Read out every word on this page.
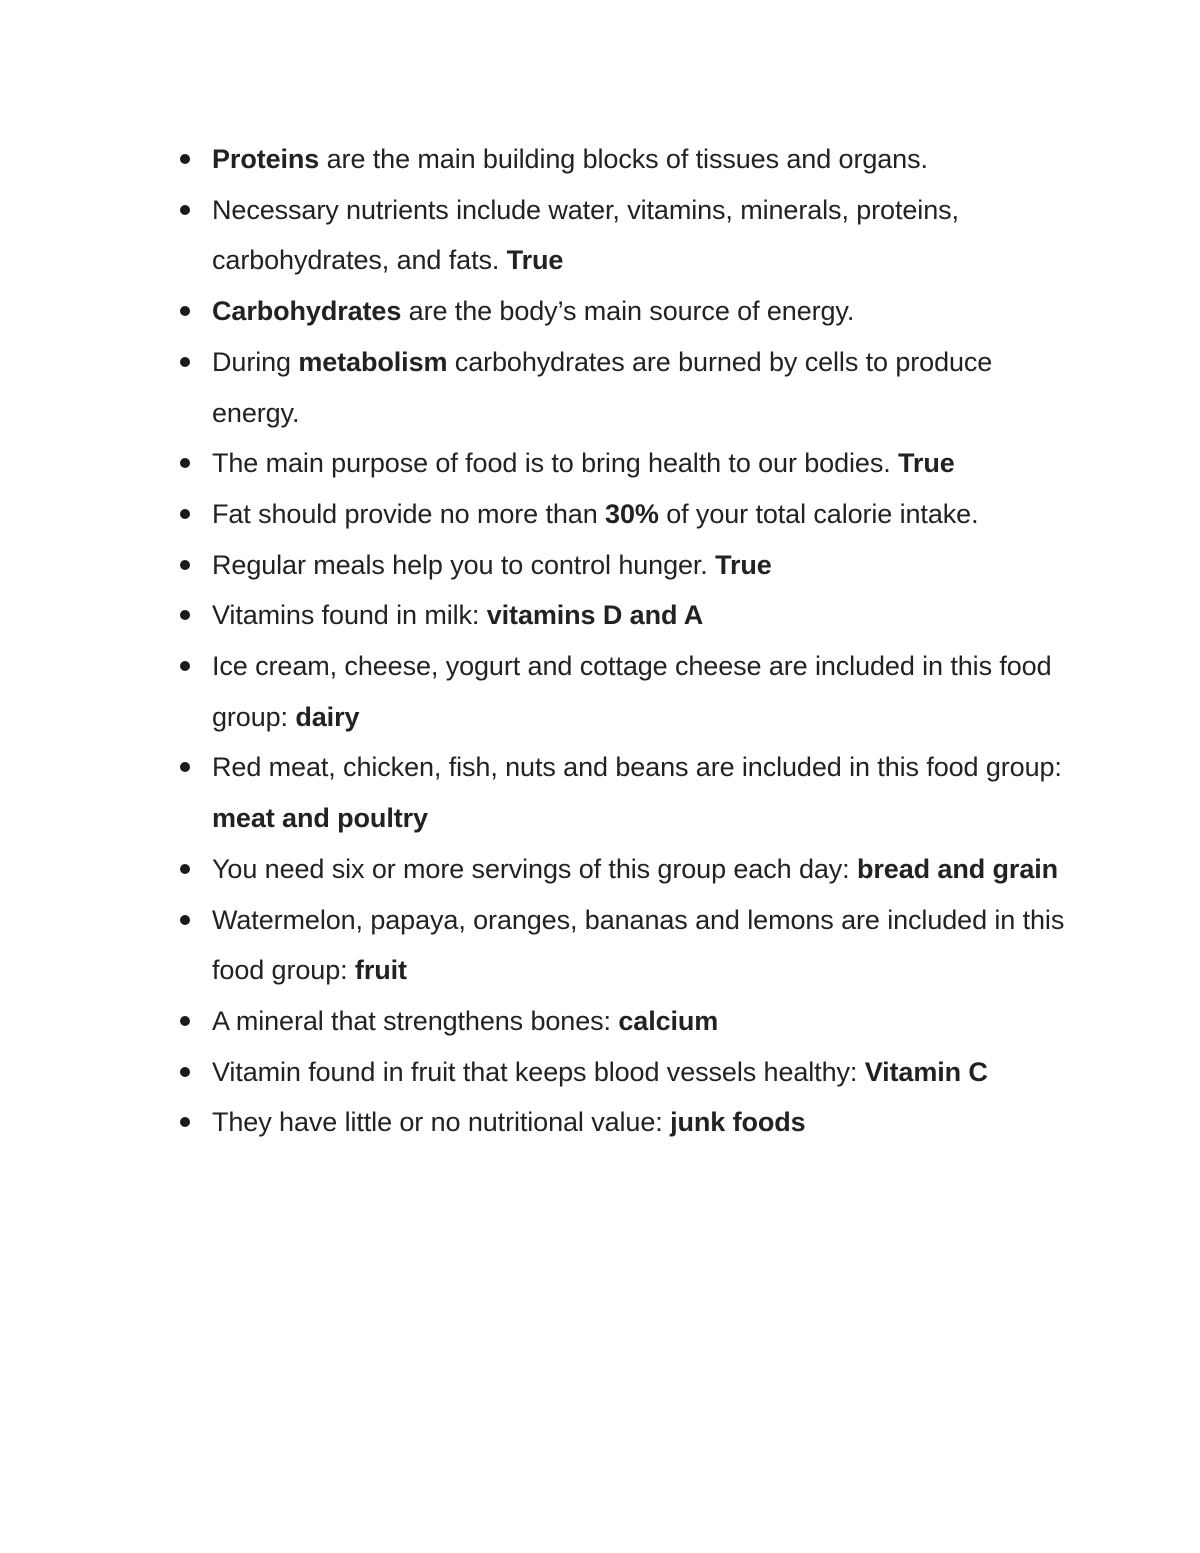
Proteins are the main building blocks of tissues and organs.
Necessary nutrients include water, vitamins, minerals, proteins, carbohydrates, and fats. True
Carbohydrates are the body’s main source of energy.
During metabolism carbohydrates are burned by cells to produce energy.
The main purpose of food is to bring health to our bodies. True
Fat should provide no more than 30% of your total calorie intake.
Regular meals help you to control hunger. True
Vitamins found in milk: vitamins D and A
Ice cream, cheese, yogurt and cottage cheese are included in this food group: dairy
Red meat, chicken, fish, nuts and beans are included in this food group: meat and poultry
You need six or more servings of this group each day: bread and grain
Watermelon, papaya, oranges, bananas and lemons are included in this food group: fruit
A mineral that strengthens bones: calcium
Vitamin found in fruit that keeps blood vessels healthy: Vitamin C
They have little or no nutritional value: junk foods
